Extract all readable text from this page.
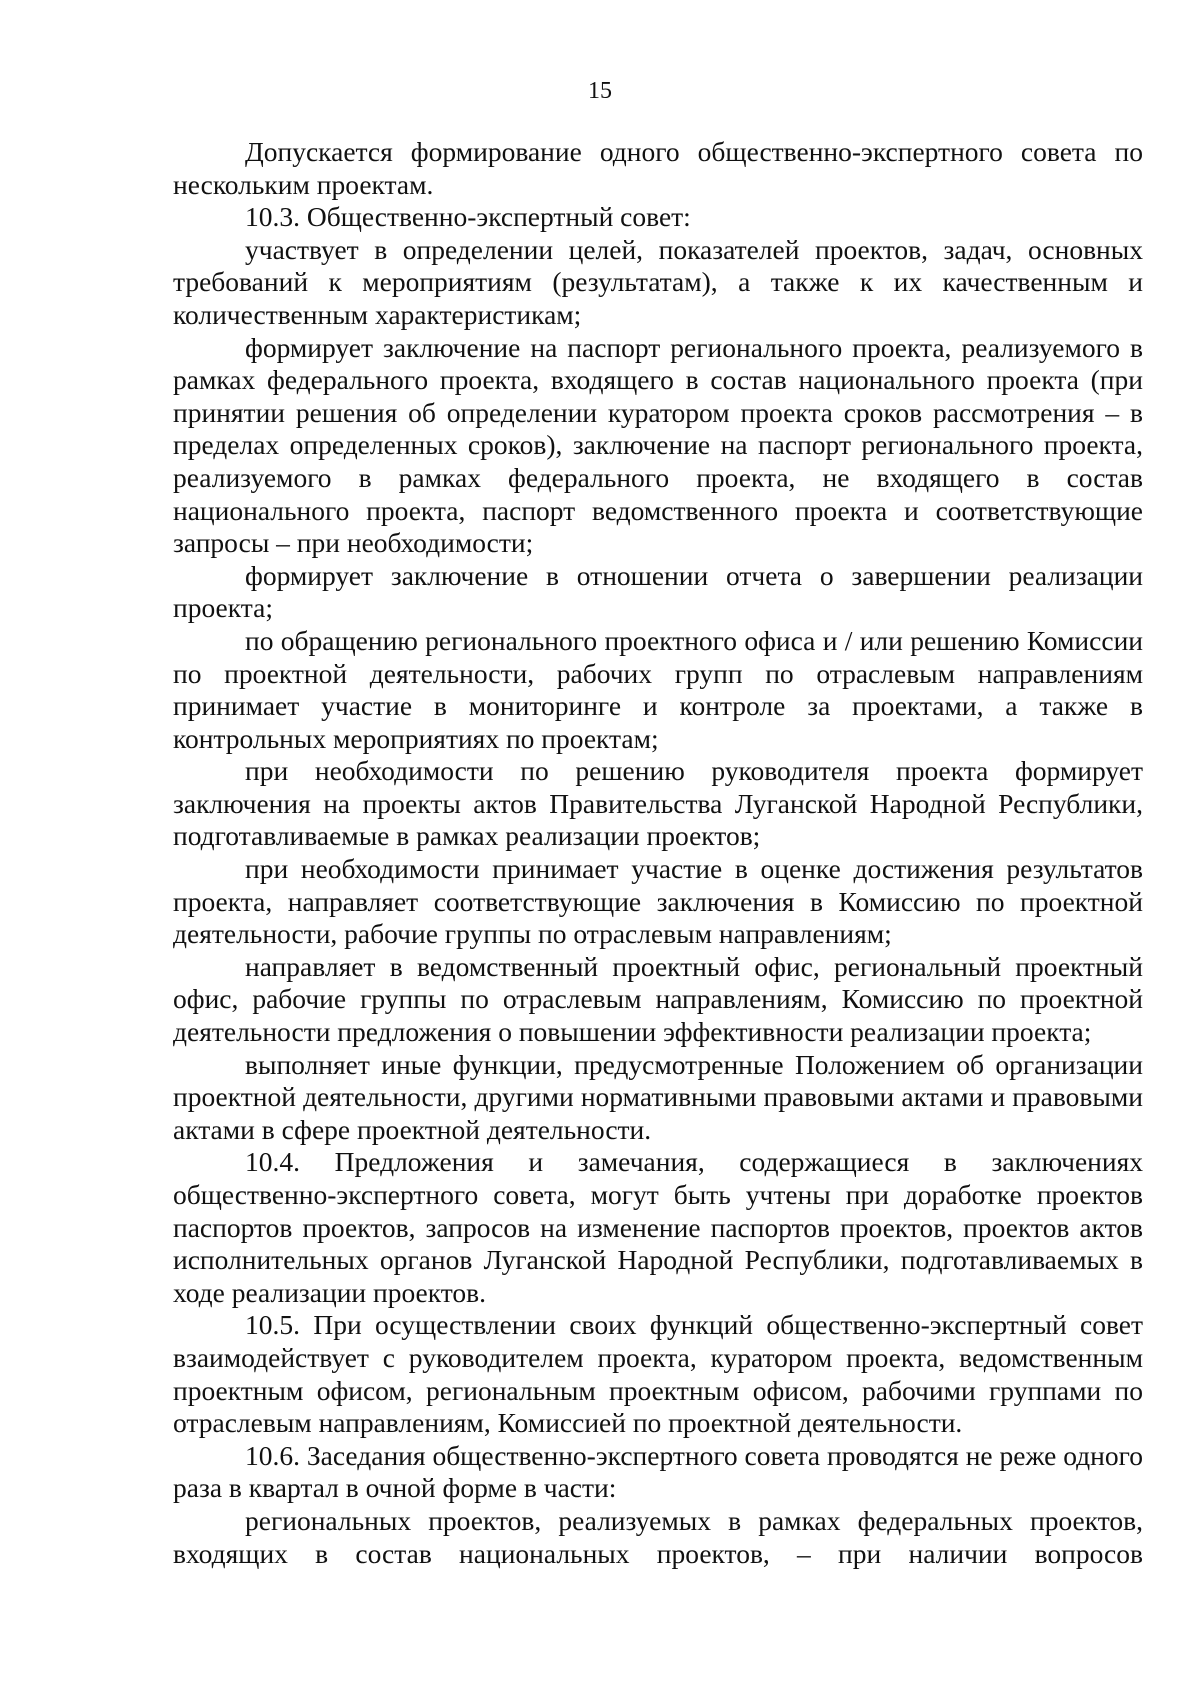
15

Допускается формирование одного общественно-экспертного совета по нескольким проектам.

10.3. Общественно-экспертный совет:

участвует в определении целей, показателей проектов, задач, основных требований к мероприятиям (результатам), а также к их качественным и количественным характеристикам;

формирует заключение на паспорт регионального проекта, реализуемого в рамках федерального проекта, входящего в состав национального проекта (при принятии решения об определении куратором проекта сроков рассмотрения – в пределах определенных сроков), заключение на паспорт регионального проекта, реализуемого в рамках федерального проекта, не входящего в состав национального проекта, паспорт ведомственного проекта и соответствующие запросы – при необходимости;

формирует заключение в отношении отчета о завершении реализации проекта;

по обращению регионального проектного офиса и / или решению Комиссии по проектной деятельности, рабочих групп по отраслевым направлениям принимает участие в мониторинге и контроле за проектами, а также в контрольных мероприятиях по проектам;

при необходимости по решению руководителя проекта формирует заключения на проекты актов Правительства Луганской Народной Республики, подготавливаемые в рамках реализации проектов;

при необходимости принимает участие в оценке достижения результатов проекта, направляет соответствующие заключения в Комиссию по проектной деятельности, рабочие группы по отраслевым направлениям;

направляет в ведомственный проектный офис, региональный проектный офис, рабочие группы по отраслевым направлениям, Комиссию по проектной деятельности предложения о повышении эффективности реализации проекта;

выполняет иные функции, предусмотренные Положением об организации проектной деятельности, другими нормативными правовыми актами и правовыми актами в сфере проектной деятельности.

10.4. Предложения и замечания, содержащиеся в заключениях общественно-экспертного совета, могут быть учтены при доработке проектов паспортов проектов, запросов на изменение паспортов проектов, проектов актов исполнительных органов Луганской Народной Республики, подготавливаемых в ходе реализации проектов.

10.5. При осуществлении своих функций общественно-экспертный совет взаимодействует с руководителем проекта, куратором проекта, ведомственным проектным офисом, региональным проектным офисом, рабочими группами по отраслевым направлениям, Комиссией по проектной деятельности.

10.6. Заседания общественно-экспертного совета проводятся не реже одного раза в квартал в очной форме в части:

региональных проектов, реализуемых в рамках федеральных проектов, входящих в состав национальных проектов, – при наличии вопросов
